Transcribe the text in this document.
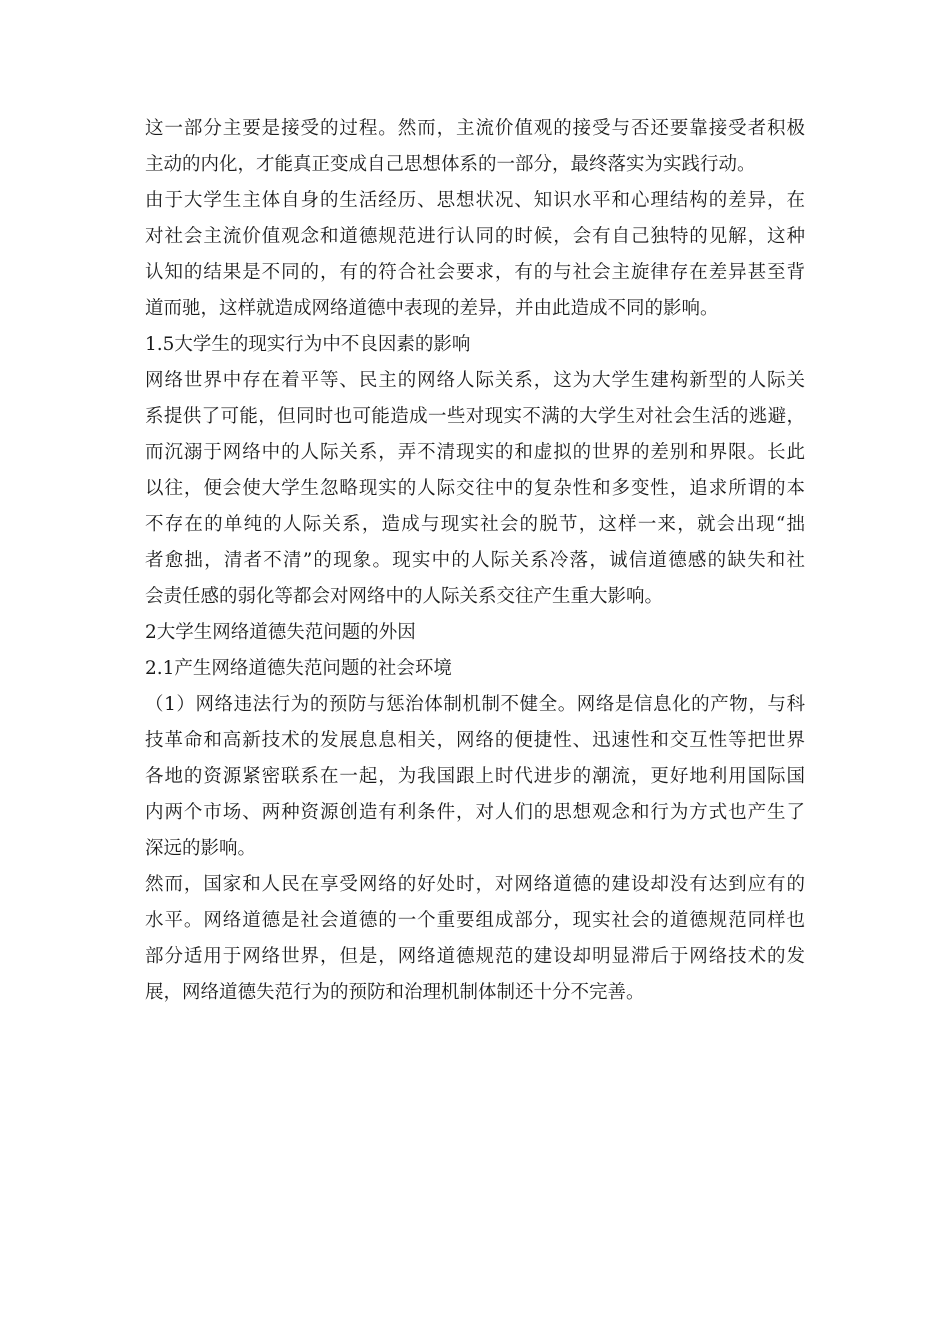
这一部分主要是接受的过程。然而，主流价值观的接受与否还要靠接受者积极
主动的内化，才能真正变成自己思想体系的一部分，最终落实为实践行动。
由于大学生主体自身的生活经历、思想状况、知识水平和心理结构的差异，在
对社会主流价值观念和道德规范进行认同的时候，会有自己独特的见解，这种
认知的结果是不同的，有的符合社会要求，有的与社会主旋律存在差异甚至背
道而驰，这样就造成网络道德中表现的差异，并由此造成不同的影响。
1.5大学生的现实行为中不良因素的影响
网络世界中存在着平等、民主的网络人际关系，这为大学生建构新型的人际关
系提供了可能，但同时也可能造成一些对现实不满的大学生对社会生活的逃避，
而沉溺于网络中的人际关系，弄不清现实的和虚拟的世界的差别和界限。长此
以往，便会使大学生忽略现实的人际交往中的复杂性和多变性，追求所谓的本
不存在的单纯的人际关系，造成与现实社会的脱节，这样一来，就会出现“拙
者愈拙，清者不清”的现象。现实中的人际关系冷落，诚信道德感的缺失和社
会责任感的弱化等都会对网络中的人际关系交往产生重大影响。
2大学生网络道德失范问题的外因
2.1产生网络道德失范问题的社会环境
（1）网络违法行为的预防与惩治体制机制不健全。网络是信息化的产物，与科
技革命和高新技术的发展息息相关，网络的便捷性、迅速性和交互性等把世界
各地的资源紧密联系在一起，为我国跟上时代进步的潮流，更好地利用国际国
内两个市场、两种资源创造有利条件，对人们的思想观念和行为方式也产生了
深远的影响。
然而，国家和人民在享受网络的好处时，对网络道德的建设却没有达到应有的
水平。网络道德是社会道德的一个重要组成部分，现实社会的道德规范同样也
部分适用于网络世界，但是，网络道德规范的建设却明显滞后于网络技术的发
展，网络道德失范行为的预防和治理机制体制还十分不完善。
